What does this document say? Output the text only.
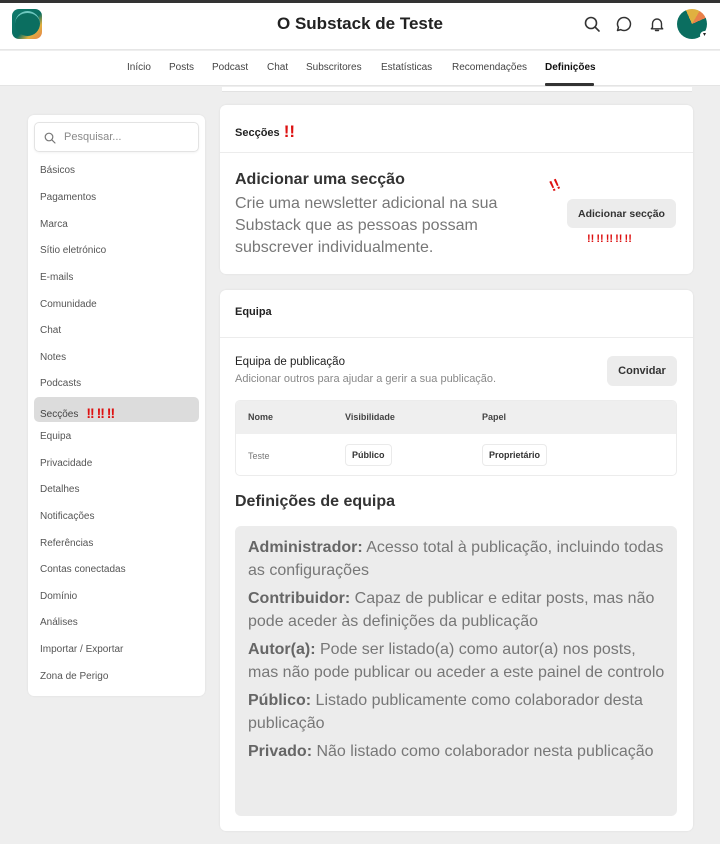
O Substack de Teste
▾
Início Posts Podcast Chat Subscritores Estatísticas Recomendações Definições
Pesquisar...
Básicos
Pagamentos
Marca
Sítio eletrónico
E-mails
Comunidade
Chat
Notes
Podcasts
Secções !! !! !!
Equipa
Privacidade
Detalhes
Notificações
Referências
Contas conectadas
Domínio
Análises
Importar / Exportar
Zona de Perigo
Secções !!
Adicionar uma secção
Crie uma newsletter adicional na sua Substack que as pessoas possam subscrever individualmente.
!!
Adicionar secção
!! !! !! !! !!
Equipa
Equipa de publicação
Adicionar outros para ajudar a gerir a sua publicação.
Convidar
Nome	Visibilidade	Papel
Teste	Público	Proprietário
Definições de equipa
Administrador: Acesso total à publicação, incluindo todas as configurações
Contribuidor: Capaz de publicar e editar posts, mas não pode aceder às definições da publicação
Autor(a): Pode ser listado(a) como autor(a) nos posts, mas não pode publicar ou aceder a este painel de controlo
Público: Listado publicamente como colaborador desta publicação
Privado: Não listado como colaborador nesta publicação
